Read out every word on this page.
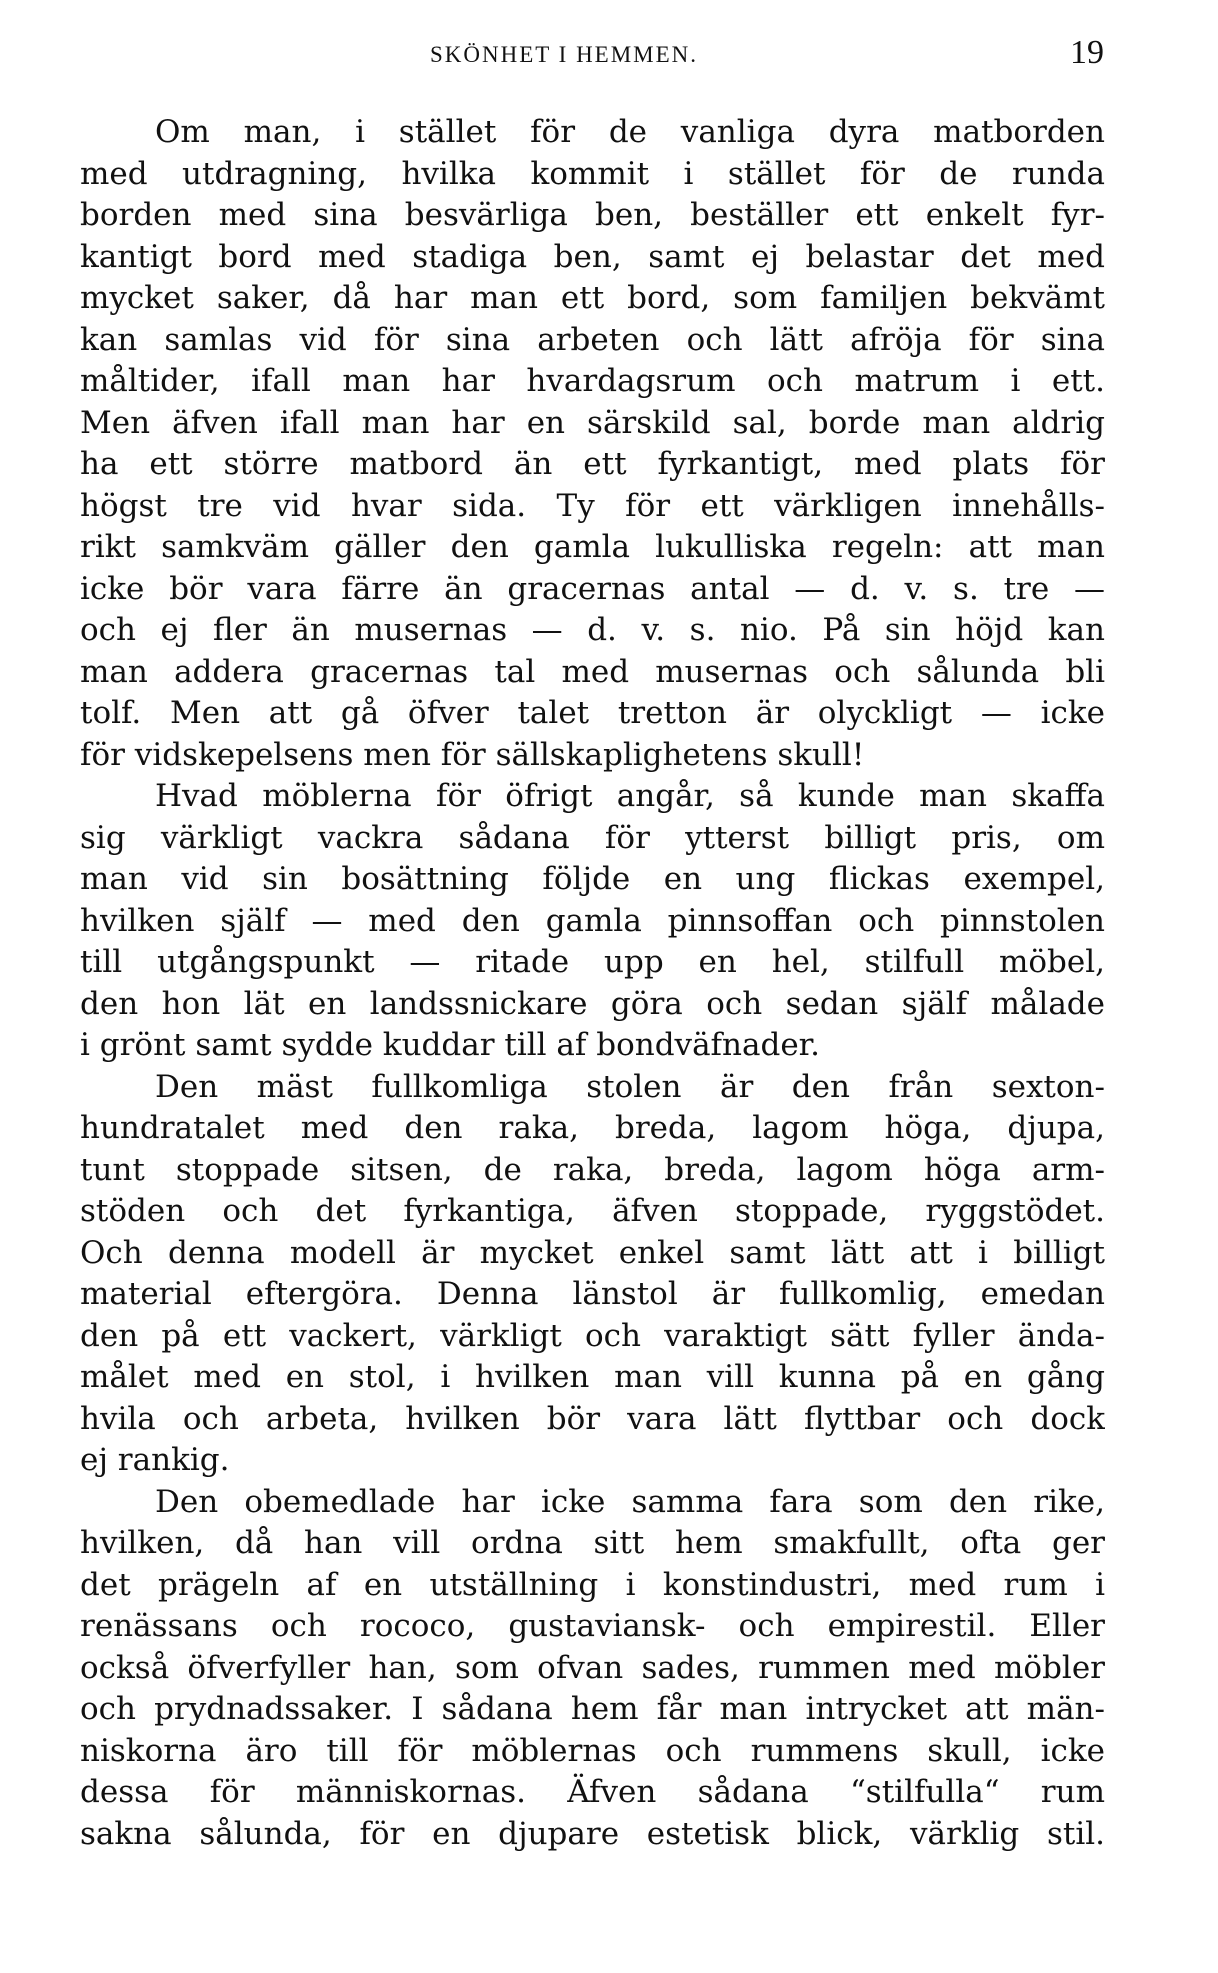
SKÖNHET I HEMMEN.	19
Om man, i stället för de vanliga dyra matborden
med utdragning, hvilka kommit i stället för de runda
borden med sina besvärliga ben, beställer ett enkelt fyr-
kantigt bord med stadiga ben, samt ej belastar det med
mycket saker, då har man ett bord, som familjen bekvämt
kan samlas vid för sina arbeten och lätt afröja för sina
måltider, ifall man har hvardagsrum och matrum i ett.
Men äfven ifall man har en särskild sal, borde man aldrig
ha ett större matbord än ett fyrkantigt, med plats för
högst tre vid hvar sida. Ty för ett värkligen innehålls-
rikt samkväm gäller den gamla lukulliska regeln: att man
icke bör vara färre än gracernas antal — d. v. s. tre —
och ej fler än musernas — d. v. s. nio. På sin höjd kan
man addera gracernas tal med musernas och sålunda bli
tolf. Men att gå öfver talet tretton är olyckligt — icke
för vidskepelsens men för sällskaplighetens skull!
Hvad möblerna för öfrigt angår, så kunde man skaffa
sig värkligt vackra sådana för ytterst billigt pris, om
man vid sin bosättning följde en ung flickas exempel,
hvilken själf — med den gamla pinnsoffan och pinnstolen
till utgångspunkt — ritade upp en hel, stilfull möbel,
den hon lät en landssnickare göra och sedan själf målade
i grönt samt sydde kuddar till af bondväfnader.
Den mäst fullkomliga stolen är den från sexton-
hundratalet med den raka, breda, lagom höga, djupa,
tunt stoppade sitsen, de raka, breda, lagom höga arm-
stöden och det fyrkantiga, äfven stoppade, ryggstödet.
Och denna modell är mycket enkel samt lätt att i billigt
material eftergöra. Denna länstol är fullkomlig, emedan
den på ett vackert, värkligt och varaktigt sätt fyller ända-
målet med en stol, i hvilken man vill kunna på en gång
hvila och arbeta, hvilken bör vara lätt flyttbar och dock
ej rankig.
Den obemedlade har icke samma fara som den rike,
hvilken, då han vill ordna sitt hem smakfullt, ofta ger
det prägeln af en utställning i konstindustri, med rum i
renässans och rococo, gustaviansk- och empirestil. Eller
också öfverfyller han, som ofvan sades, rummen med möbler
och prydnadssaker. I sådana hem får man intrycket att män-
niskorna äro till för möblernas och rummens skull, icke
dessa för människornas. Äfven sådana “stilfulla“ rum
sakna sålunda, för en djupare estetisk blick, värklig stil.
